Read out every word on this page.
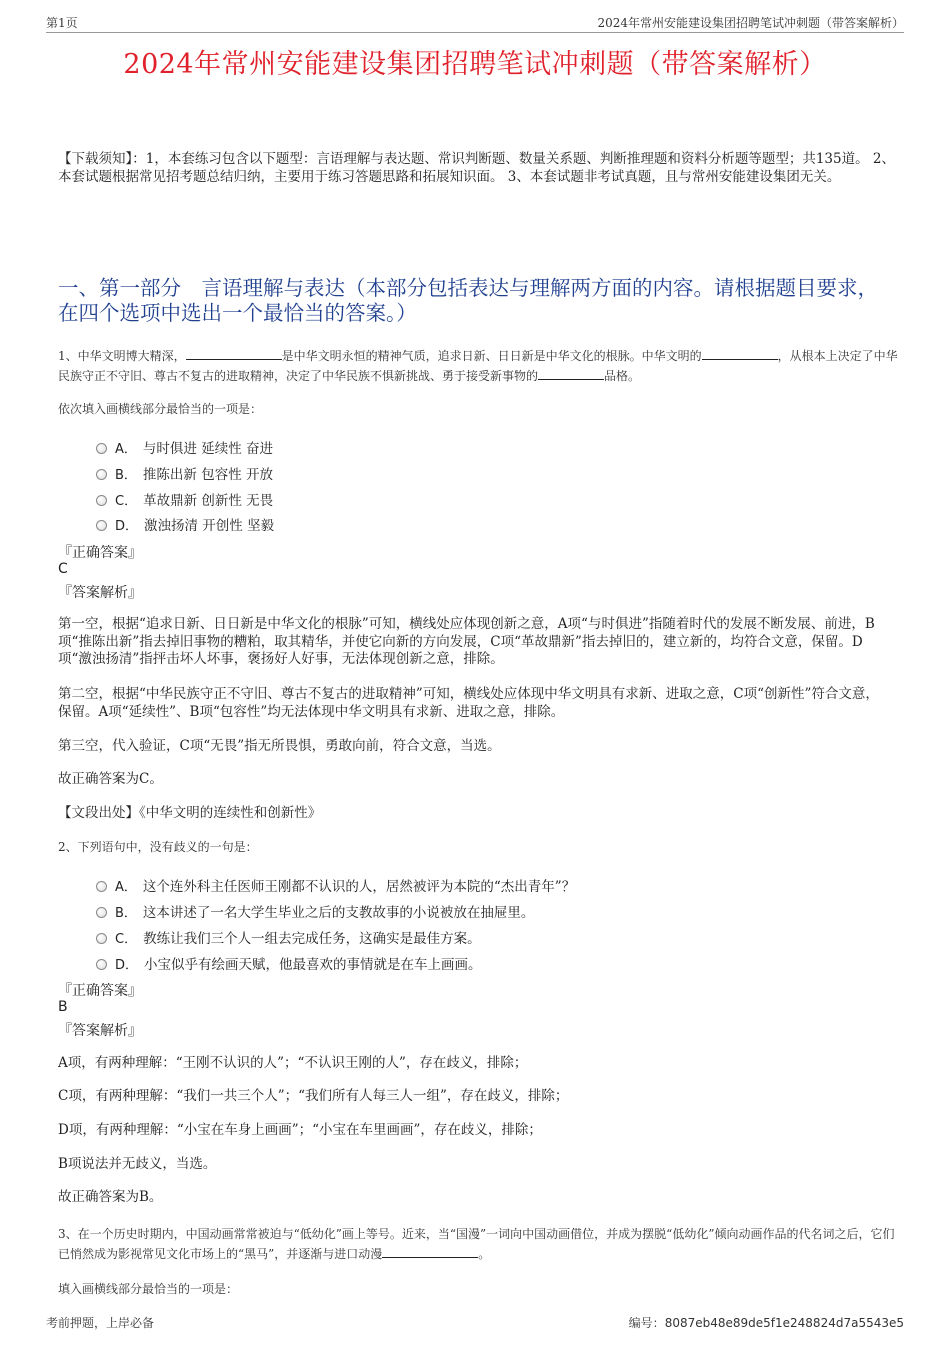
第1页	2024年常州安能建设集团招聘笔试冲刺题（带答案解析）
2024年常州安能建设集团招聘笔试冲刺题（带答案解析）
【下载须知】：1，本套练习包含以下题型：言语理解与表达题、常识判断题、数量关系题、判断推理题和资料分析题等题型；共135道。 2、本套试题根据常见招考题总结归纳，主要用于练习答题思路和拓展知识面。 3、本套试题非考试真题，且与常州安能建设集团无关。
一、第一部分　言语理解与表达（本部分包括表达与理解两方面的内容。请根据题目要求，在四个选项中选出一个最恰当的答案。）
1、中华文明博大精深，	是中华文明永恒的精神气质，追求日新、日日新是中华文化的根脉。中华文明的	，从根本上决定了中华民族守正不守旧、尊古不复古的进取精神，决定了中华民族不惧新挑战、勇于接受新事物的	品格。
依次填入画横线部分最恰当的一项是：
A． 与时俱进 延续性 奋进
B． 推陈出新 包容性 开放
C． 革故鼎新 创新性 无畏
D． 激浊扬清 开创性 坚毅
『正确答案』
C
『答案解析』
第一空，根据“追求日新、日日新是中华文化的根脉”可知，横线处应体现创新之意，A项“与时俱进”指随着时代的发展不断发展、前进，B项“推陈出新”指去掉旧事物的糟粕，取其精华，并使它向新的方向发展，C项“革故鼎新”指去掉旧的，建立新的，均符合文意，保留。D项“激浊扬清”指抨击坏人坏事，褒扬好人好事，无法体现创新之意，排除。
第二空，根据“中华民族守正不守旧、尊古不复古的进取精神”可知，横线处应体现中华文明具有求新、进取之意，C项“创新性”符合文意，保留。A项“延续性”、B项“包容性”均无法体现中华文明具有求新、进取之意，排除。
第三空，代入验证，C项“无畏”指无所畏惧，勇敢向前，符合文意，当选。
故正确答案为C。
【文段出处】《中华文明的连续性和创新性》
2、下列语句中，没有歧义的一句是：
A． 这个连外科主任医师王刚都不认识的人，居然被评为本院的“杰出青年”？
B． 这本讲述了一名大学生毕业之后的支教故事的小说被放在抽屉里。
C． 教练让我们三个人一组去完成任务，这确实是最佳方案。
D． 小宝似乎有绘画天赋，他最喜欢的事情就是在车上画画。
『正确答案』
B
『答案解析』
A项，有两种理解：“王刚不认识的人”；“不认识王刚的人”，存在歧义，排除；
C项，有两种理解：“我们一共三个人”；“我们所有人每三人一组”，存在歧义，排除；
D项，有两种理解：“小宝在车身上画画”；“小宝在车里画画”，存在歧义，排除；
B项说法并无歧义，当选。
故正确答案为B。
3、在一个历史时期内，中国动画常常被迫与“低幼化”画上等号。近来，当“国漫”一词向中国动画借位，并成为摆脱“低幼化”倾向动画作品的代名词之后，它们已悄然成为影视常见文化市场上的“黑马”，并逐渐与进口动漫	。
填入画横线部分最恰当的一项是：
考前押题，上岸必备	编号：8087eb48e89de5f1e248824d7a5543e5
